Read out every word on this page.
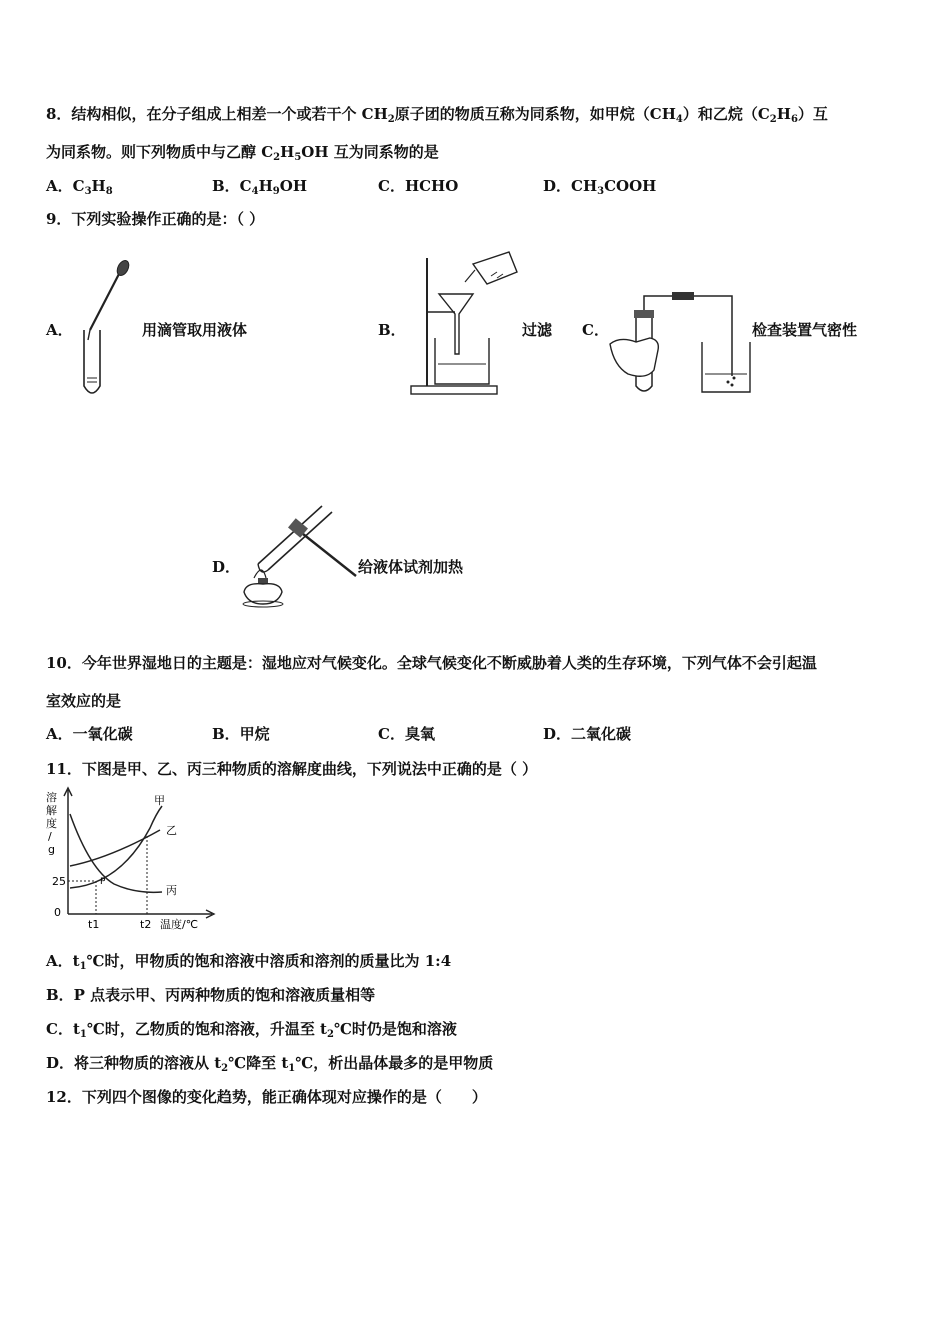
8．结构相似，在分子组成上相差一个或若干个 $CH_2$原子团的物质互称为同系物，如甲烷$(CH_4)$和乙烷$(C_2H_6)$互
为同系物。则下列物质中与乙醇 $C_2H_5OH$ 互为同系物的是
A．$C_3H_8$	B．$C_4H_9OH$	C．HCHO	D．$CH_3COOH$
9．下列实验操作正确的是：（ ）
A．	用滴管取用液体	B．	过滤 C．	检查装置气密性
D．	给液体试剂加热
10．今年世界湿地日的主题是：湿地应对气候变化。全球气候变化不断威胁着人类的生存环境，下列气体不会引起温
室效应的是
A．一氧化碳	B．甲烷	C．臭氧	D．二氧化碳
11．下图是甲、乙、丙三种物质的溶解度曲线，下列说法中正确的是（ ）
溶
解
度
/
g
25
0
甲
乙
丙
P
t1	t2 温度/℃
A．$t_1℃$时，甲物质的饱和溶液中溶质和溶剂的质量比为 1:4
B．P 点表示甲、丙两种物质的饱和溶液质量相等
C．$t_1℃$时，乙物质的饱和溶液，升温至 $t_2℃$时仍是饱和溶液
D．将三种物质的溶液从 $t_2℃$降至 $t_1℃$，析出晶体最多的是甲物质
12．下列四个图像的变化趋势，能正确体现对应操作的是（　　）
